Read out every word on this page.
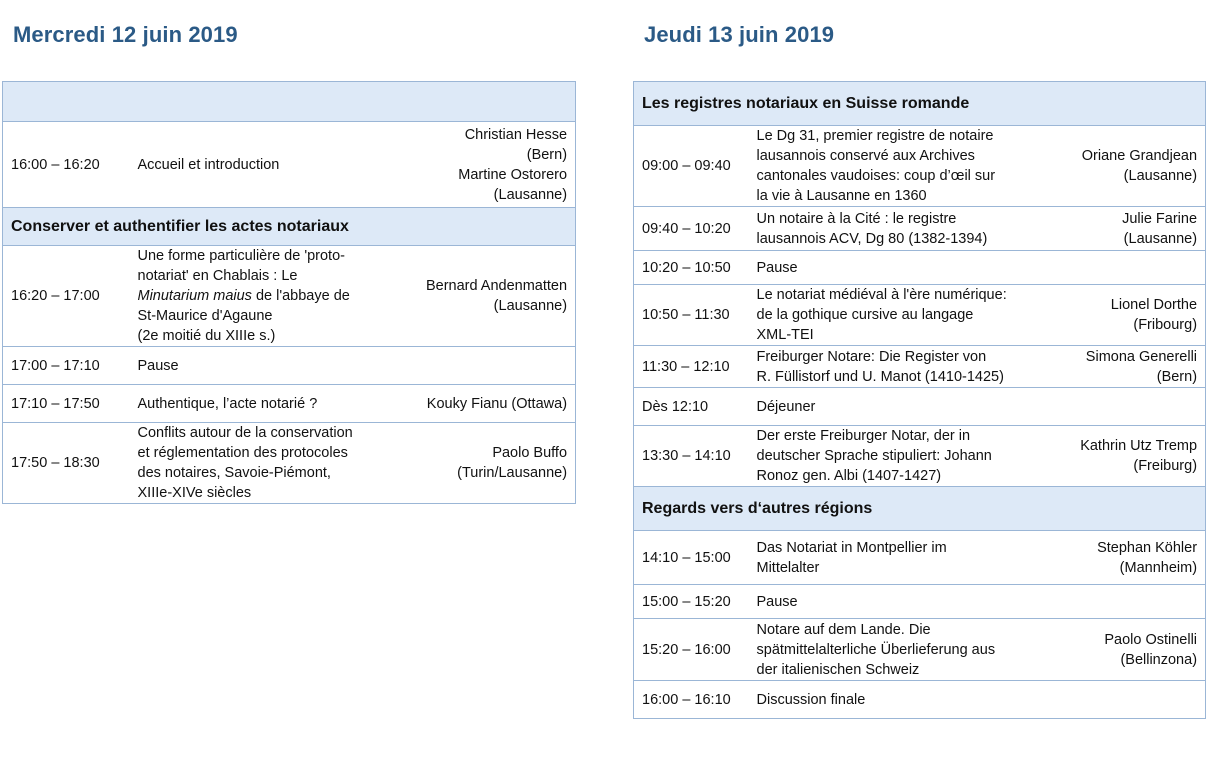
Mercredi 12 juin 2019	Jeudi 13 juin 2019

16:00 – 16:20	Accueil et introduction	Christian Hesse
(Bern)
Martine Ostorero
(Lausanne)

Conserver et authentifier les actes notariaux		
16:20 – 17:00	Une forme particulière de 'proto-
notariat' en Chablais : Le
Minutarium maius de l'abbaye de
St-Maurice d'Agaune
(2e moitié du XIIIe s.)	Bernard Andenmatten
(Lausanne)

17:00 – 17:10	Pause	

17:10 – 17:50	Authentique, l’acte notarié ?	Kouky Fianu (Ottawa)

17:50 – 18:30	Conflits autour de la conservation
et réglementation des protocoles
des notaires, Savoie-Piémont,
XIIIe-XIVe siècles	Paolo Buffo
(Turin/Lausanne)
Les registres notariaux en Suisse romande		
09:00 – 09:40	Le Dg 31, premier registre de notaire
lausannois conservé aux Archives
cantonales vaudoises: coup d’œil sur
la vie à Lausanne en 1360	Oriane Grandjean
(Lausanne)

09:40 – 10:20	Un notaire à la Cité : le registre
lausannois ACV, Dg 80 (1382-1394)	Julie Farine
(Lausanne)

10:20 – 10:50	Pause	

10:50 – 11:30	Le notariat médiéval à l'ère numérique:
de la gothique cursive au langage
XML-TEI	Lionel Dorthe
(Fribourg)

11:30 – 12:10	Freiburger Notare: Die Register von
R. Füllistorf und U. Manot (1410-1425)	Simona Generelli
(Bern)

Dès 12:10	Déjeuner	

13:30 – 14:10	Der erste Freiburger Notar, der in
deutscher Sprache stipuliert: Johann
Ronoz gen. Albi (1407-1427)	Kathrin Utz Tremp
(Freiburg)

Regards vers d‘autres régions		
14:10 – 15:00	Das Notariat in Montpellier im
Mittelalter	Stephan Köhler
(Mannheim)

15:00 – 15:20	Pause	

15:20 – 16:00	Notare auf dem Lande. Die
spätmittelalterliche Überlieferung aus
der italienischen Schweiz	Paolo Ostinelli
(Bellinzona)

16:00 – 16:10	Discussion finale	
